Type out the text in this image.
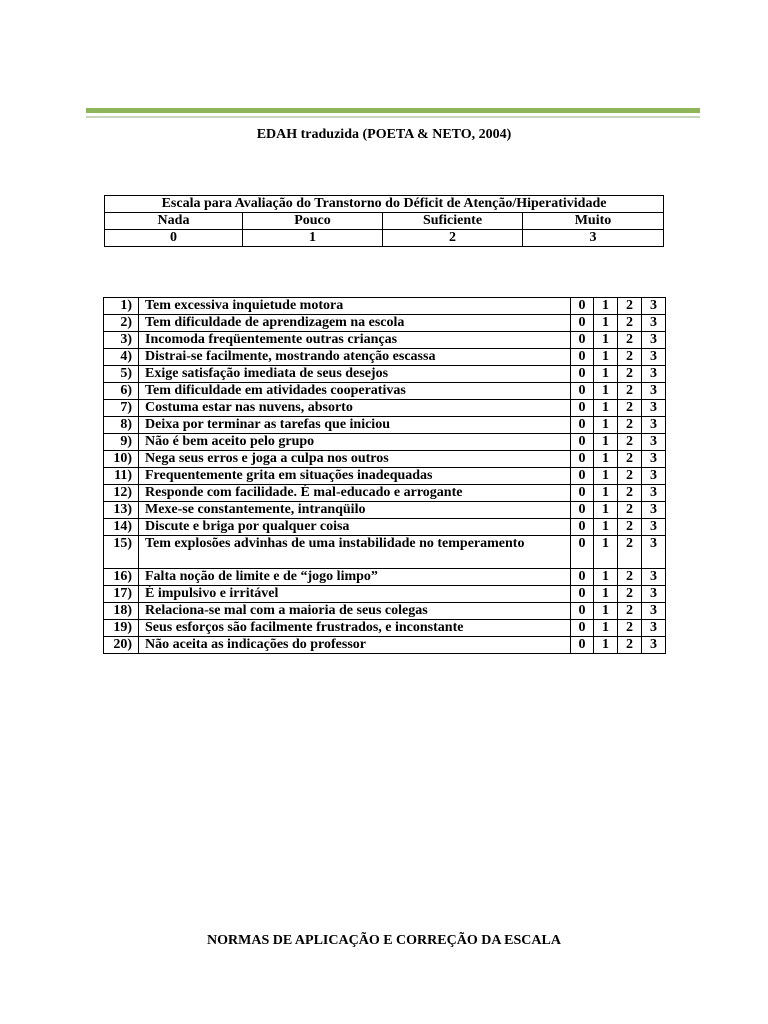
EDAH traduzida (POETA & NETO, 2004)
Escala para Avaliação do Transtorno do Déficit de Atenção/Hiperatividade			
Nada	Pouco	Suficiente	Muito
0	1	2	3
1)	Tem excessiva inquietude motora	0	1	2	3
2)	Tem dificuldade de aprendizagem na escola	0	1	2	3
3)	Incomoda freqüentemente outras crianças	0	1	2	3
4)	Distrai-se facilmente, mostrando atenção escassa	0	1	2	3
5)	Exige satisfação imediata de seus desejos	0	1	2	3
6)	Tem dificuldade em atividades cooperativas	0	1	2	3
7)	Costuma estar nas nuvens, absorto	0	1	2	3
8)	Deixa por terminar as tarefas que iniciou	0	1	2	3
9)	Não é bem aceito pelo grupo	0	1	2	3
10)	Nega seus erros e joga a culpa nos outros	0	1	2	3
11)	Frequentemente grita em situações inadequadas	0	1	2	3
12)	Responde com facilidade. É mal-educado e arrogante	0	1	2	3
13)	Mexe-se constantemente, intranqüilo	0	1	2	3
14)	Discute e briga por qualquer coisa	0	1	2	3
15)	Tem explosões advinhas de uma instabilidade no temperamento	0	1	2	3
16)	Falta noção de limite e de “jogo limpo”	0	1	2	3
17)	É impulsivo e irritável	0	1	2	3
18)	Relaciona-se mal com a maioria de seus colegas	0	1	2	3
19)	Seus esforços são facilmente frustrados, e inconstante	0	1	2	3
20)	Não aceita as indicações do professor	0	1	2	3
NORMAS DE APLICAÇÃO E CORREÇÃO DA ESCALA
